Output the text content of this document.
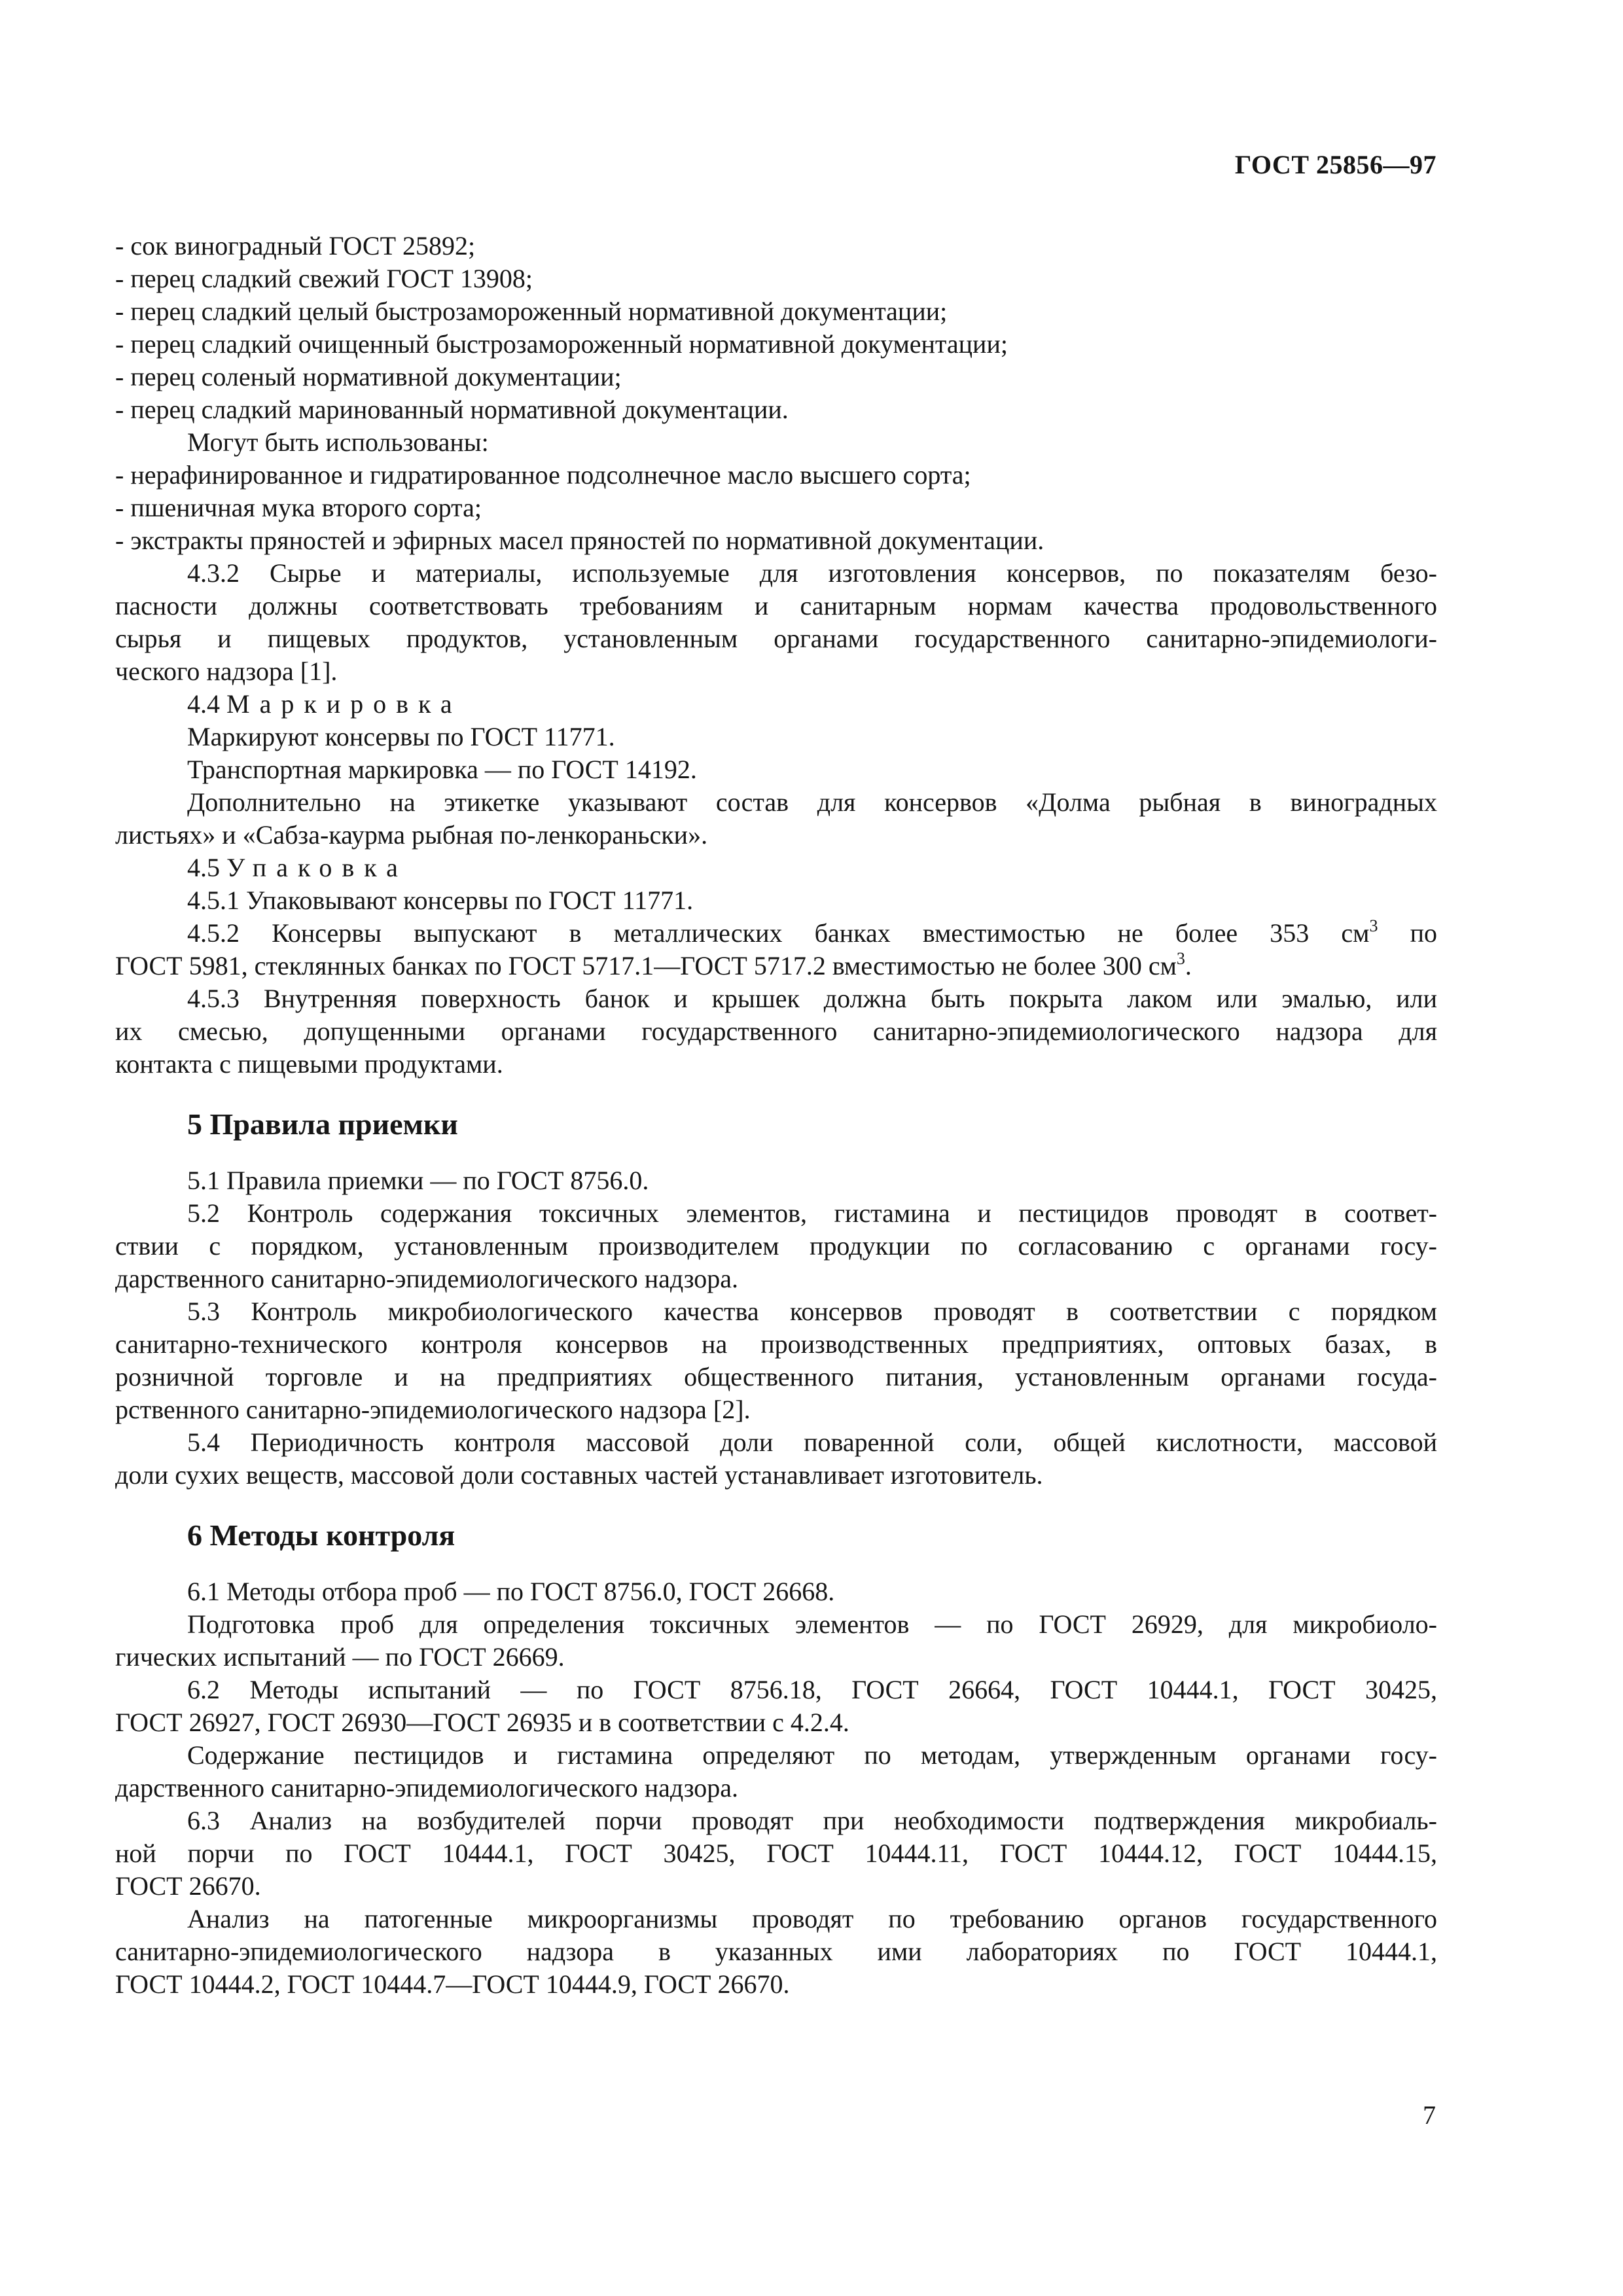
ГОСТ 25856—97
- сок виноградный ГОСТ 25892;
- перец сладкий свежий ГОСТ 13908;
- перец сладкий целый быстрозамороженный нормативной документации;
- перец сладкий очищенный быстрозамороженный нормативной документации;
- перец соленый нормативной документации;
- перец сладкий маринованный нормативной документации.
Могут быть использованы:
- нерафинированное и гидратированное подсолнечное масло высшего сорта;
- пшеничная мука второго сорта;
- экстракты пряностей и эфирных масел пряностей по нормативной документации.
4.3.2 Сырье и материалы, используемые для изготовления консервов, по показателям безо-
пасности должны соответствовать требованиям и санитарным нормам качества продовольственного
сырья и пищевых продуктов, установленным органами государственного санитарно-эпидемиологи-
ческого надзора [1].
4.4 Маркировка
Маркируют консервы по ГОСТ 11771.
Транспортная маркировка — по ГОСТ 14192.
Дополнительно на этикетке указывают состав для консервов «Долма рыбная в виноградных
листьях» и «Сабза-каурма рыбная по-ленкораньски».
4.5 Упаковка
4.5.1 Упаковывают консервы по ГОСТ 11771.
4.5.2 Консервы выпускают в металлических банках вместимостью не более 353 $см^3$ по
ГОСТ 5981, стеклянных банках по ГОСТ 5717.1—ГОСТ 5717.2 вместимостью не более 300 $см^3$.
4.5.3 Внутренняя поверхность банок и крышек должна быть покрыта лаком или эмалью, или
их смесью, допущенными органами государственного санитарно-эпидемиологического надзора для
контакта с пищевыми продуктами.
5 Правила приемки
5.1 Правила приемки — по ГОСТ 8756.0.
5.2 Контроль содержания токсичных элементов, гистамина и пестицидов проводят в соответ-
ствии с порядком, установленным производителем продукции по согласованию с органами госу-
дарственного санитарно-эпидемиологического надзора.
5.3 Контроль микробиологического качества консервов проводят в соответствии с порядком
санитарно-технического контроля консервов на производственных предприятиях, оптовых базах, в
розничной торговле и на предприятиях общественного питания, установленным органами госуда-
рственного санитарно-эпидемиологического надзора [2].
5.4 Периодичность контроля массовой доли поваренной соли, общей кислотности, массовой
доли сухих веществ, массовой доли составных частей устанавливает изготовитель.
6 Методы контроля
6.1 Методы отбора проб — по ГОСТ 8756.0, ГОСТ 26668.
Подготовка проб для определения токсичных элементов — по ГОСТ 26929, для микробиоло-
гических испытаний — по ГОСТ 26669.
6.2 Методы испытаний — по ГОСТ 8756.18, ГОСТ 26664, ГОСТ 10444.1, ГОСТ 30425,
ГОСТ 26927, ГОСТ 26930—ГОСТ 26935 и в соответствии с 4.2.4.
Содержание пестицидов и гистамина определяют по методам, утвержденным органами госу-
дарственного санитарно-эпидемиологического надзора.
6.3 Анализ на возбудителей порчи проводят при необходимости подтверждения микробиаль-
ной порчи по ГОСТ 10444.1, ГОСТ 30425, ГОСТ 10444.11, ГОСТ 10444.12, ГОСТ 10444.15,
ГОСТ 26670.
Анализ на патогенные микроорганизмы проводят по требованию органов государственного
санитарно-эпидемиологического надзора в указанных ими лабораториях по ГОСТ 10444.1,
ГОСТ 10444.2, ГОСТ 10444.7—ГОСТ 10444.9, ГОСТ 26670.
7
